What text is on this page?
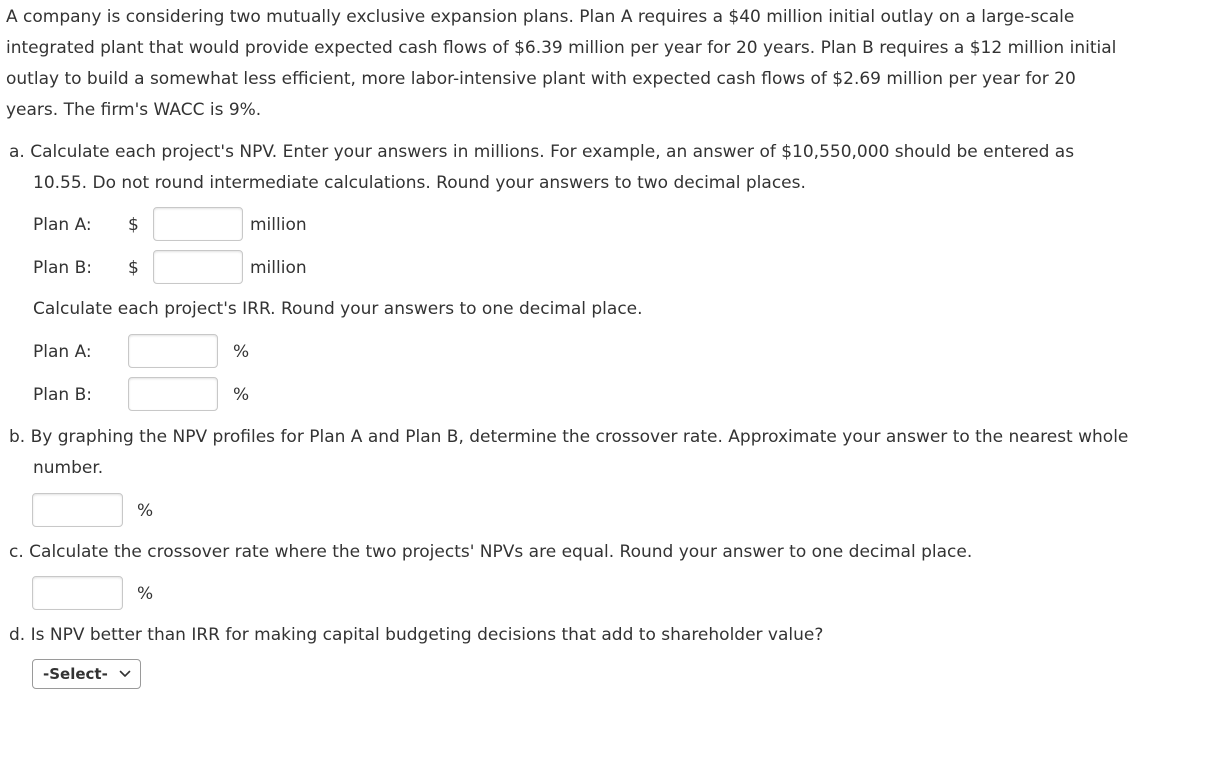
A company is considering two mutually exclusive expansion plans. Plan A requires a $40 million initial outlay on a large-scale
integrated plant that would provide expected cash flows of $6.39 million per year for 20 years. Plan B requires a $12 million initial
outlay to build a somewhat less efficient, more labor-intensive plant with expected cash flows of $2.69 million per year for 20
years. The firm's WACC is 9%.
a. Calculate each project's NPV. Enter your answers in millions. For example, an answer of $10,550,000 should be entered as
10.55. Do not round intermediate calculations. Round your answers to two decimal places.
Plan A: $	million
Plan B: $	million
Calculate each project's IRR. Round your answers to one decimal place.
Plan A:	%
Plan B:	%
b. By graphing the NPV profiles for Plan A and Plan B, determine the crossover rate. Approximate your answer to the nearest whole
number.
%
c. Calculate the crossover rate where the two projects' NPVs are equal. Round your answer to one decimal place.
%
d. Is NPV better than IRR for making capital budgeting decisions that add to shareholder value?
-Select-
